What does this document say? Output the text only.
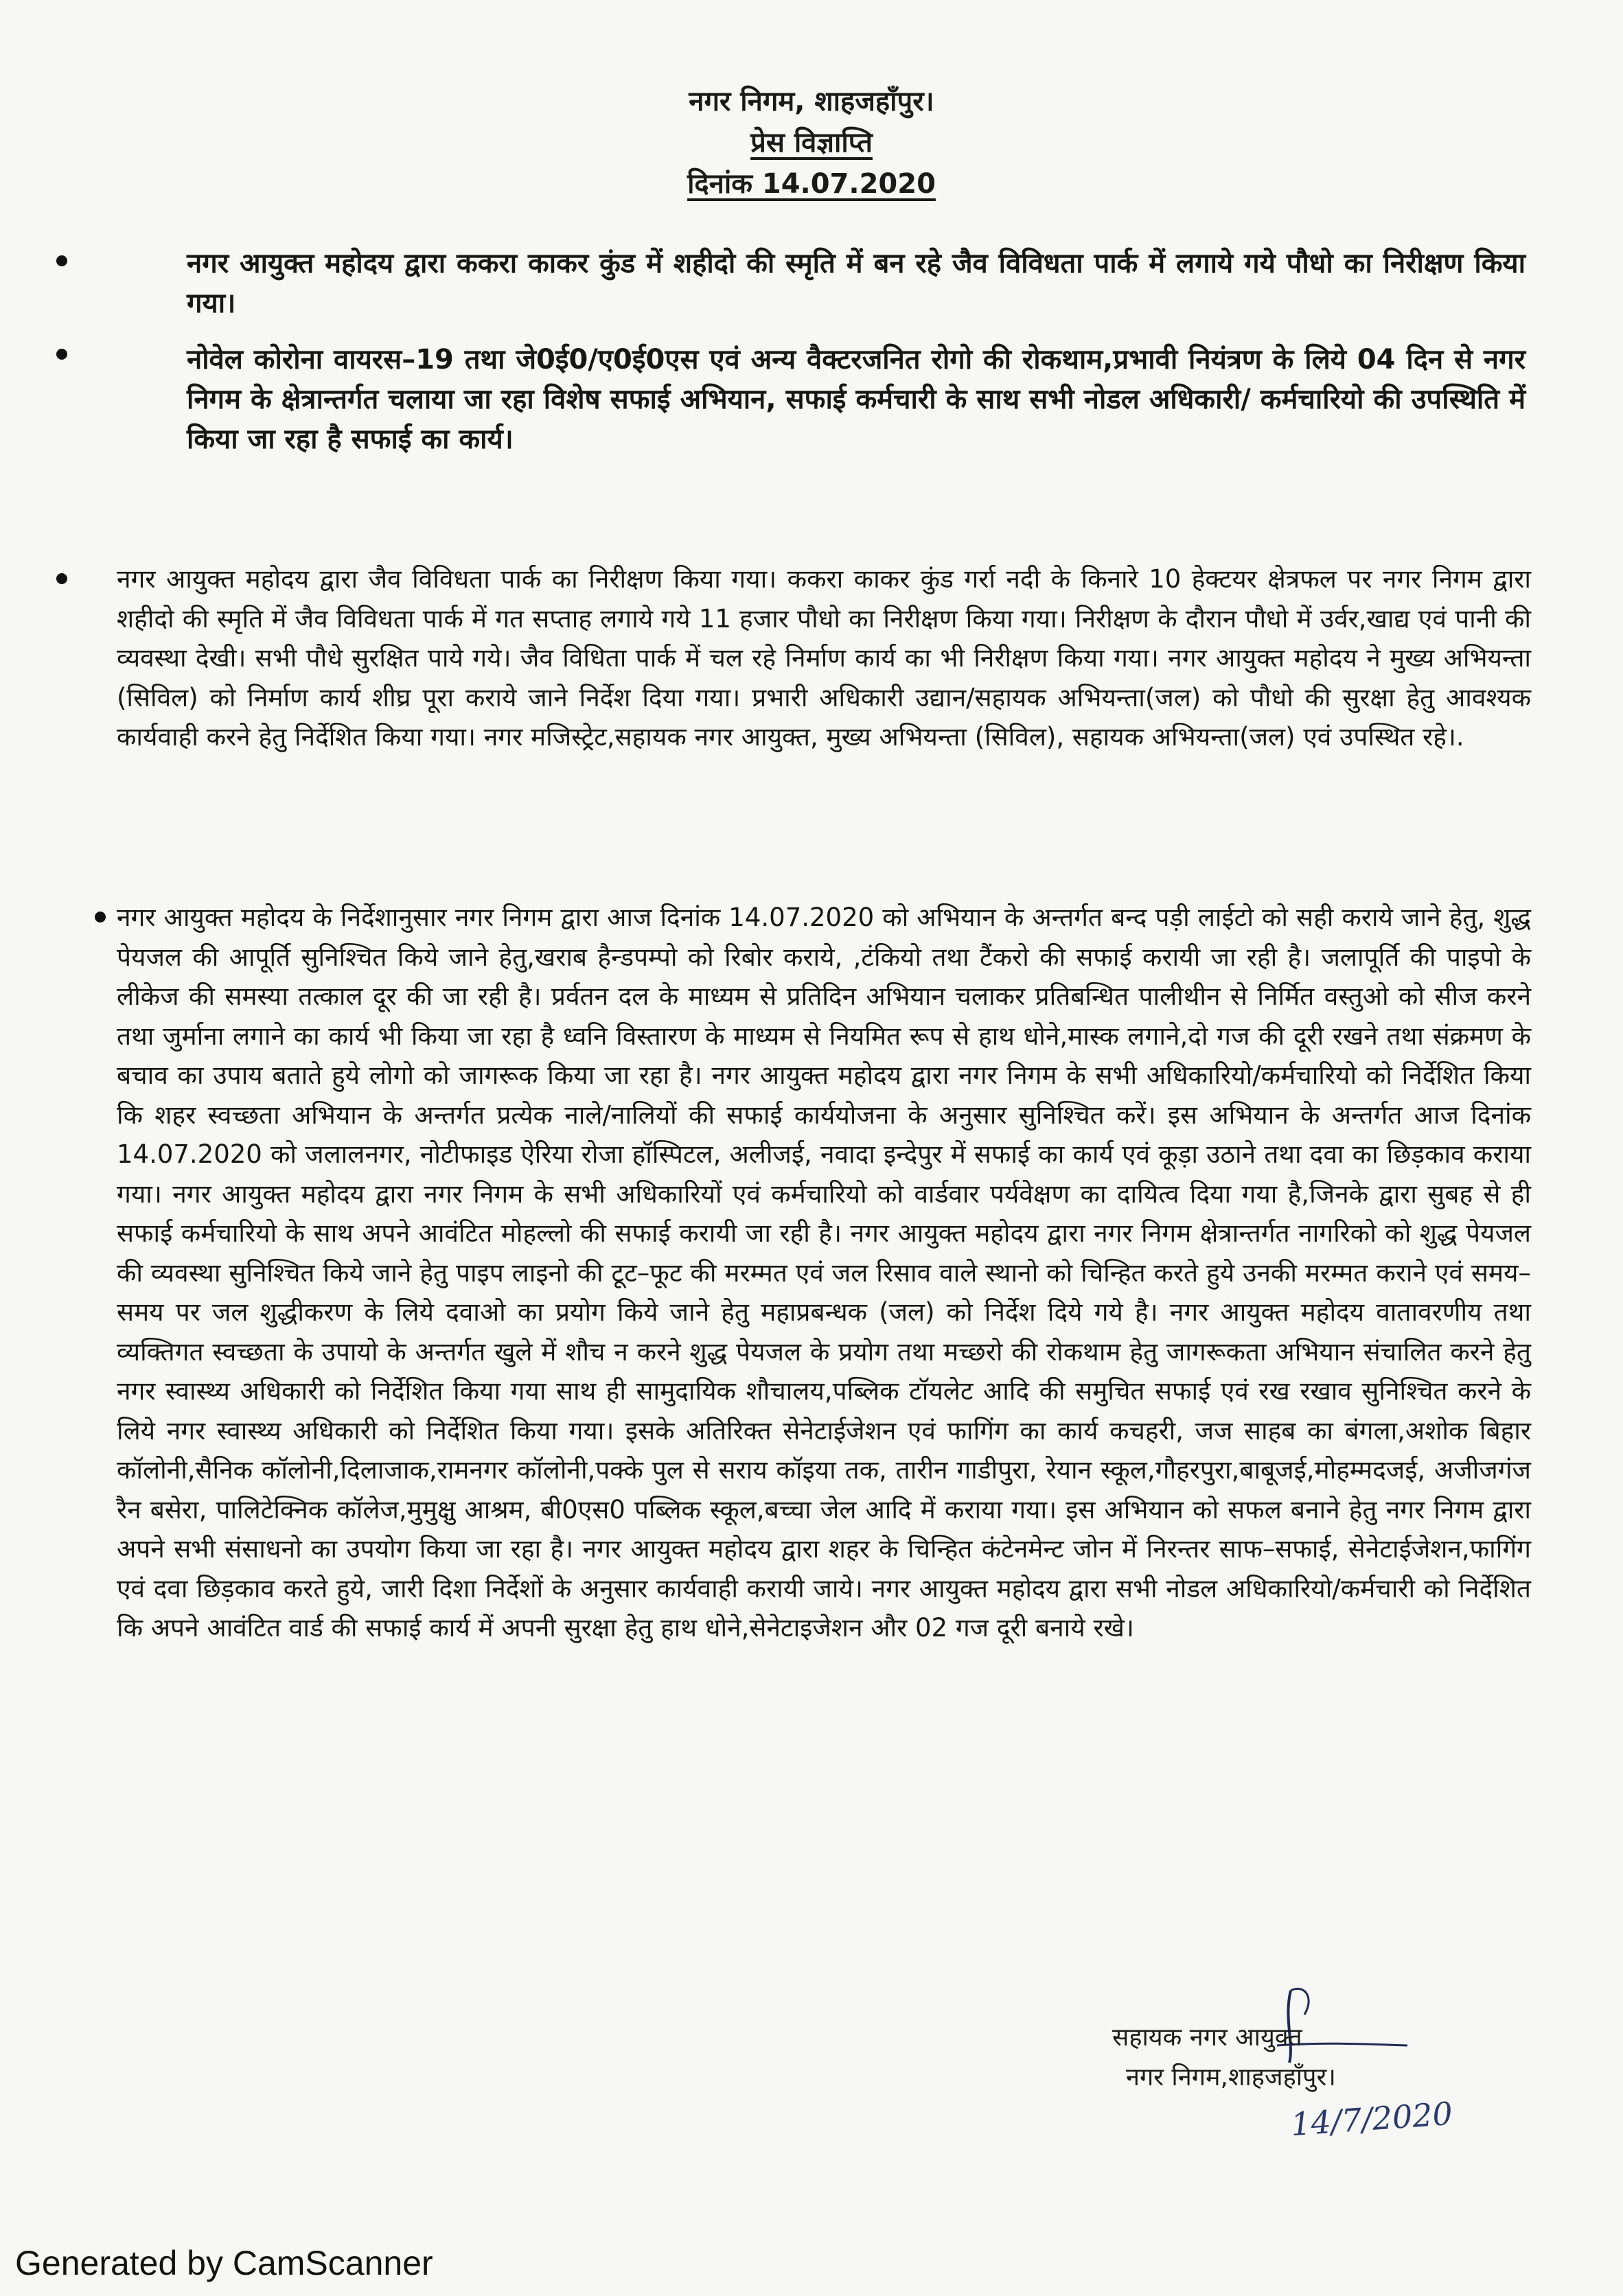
नगर निगम, शाहजहाँपुर।
प्रेस विज्ञाप्ति
दिनांक 14.07.2020
नगर आयुक्त महोदय द्वारा ककरा काकर कुंड में शहीदो की स्मृति में बन रहे जैव विविधता पार्क में लगाये गये पौधो का निरीक्षण किया गया।
नोवेल कोरोना वायरस–19 तथा जे0ई0/ए0ई0एस एवं अन्य वैक्टरजनित रोगो की रोकथाम,प्रभावी नियंत्रण के लिये 04 दिन से नगर निगम के क्षेत्रान्तर्गत चलाया जा रहा विशेष सफाई अभियान, सफाई कर्मचारी के साथ सभी नोडल अधिकारी/ कर्मचारियो की उपस्थिति में किया जा रहा है सफाई का कार्य।
नगर आयुक्त महोदय द्वारा जैव विविधता पार्क का निरीक्षण किया गया। ककरा काकर कुंड गर्रा नदी के किनारे 10 हेक्टयर क्षेत्रफल पर नगर निगम द्वारा शहीदो की स्मृति में जैव विविधता पार्क में गत सप्ताह लगाये गये 11 हजार पौधो का निरीक्षण किया गया। निरीक्षण के दौरान पौधो में उर्वर,खाद्य एवं पानी की व्यवस्था देखी। सभी पौधे सुरक्षित पाये गये। जैव विधिता पार्क में चल रहे निर्माण कार्य का भी निरीक्षण किया गया। नगर आयुक्त महोदय ने मुख्य अभियन्ता (सिविल) को निर्माण कार्य शीघ्र पूरा कराये जाने निर्देश दिया गया। प्रभारी अधिकारी उद्यान/सहायक अभियन्ता(जल) को पौधो की सुरक्षा हेतु आवश्यक कार्यवाही करने हेतु निर्देशित किया गया। नगर मजिस्ट्रेट,सहायक नगर आयुक्त, मुख्य अभियन्ता (सिविल), सहायक अभियन्ता(जल) एवं उपस्थित रहे।.
नगर आयुक्त महोदय के निर्देशानुसार नगर निगम द्वारा आज दिनांक 14.07.2020 को अभियान के अन्तर्गत बन्द पड़ी लाईटो को सही कराये जाने हेतु, शुद्ध पेयजल की आपूर्ति सुनिश्चित किये जाने हेतु,खराब हैन्डपम्पो को रिबोर कराये, ,टंकियो तथा टैंकरो की सफाई करायी जा रही है। जलापूर्ति की पाइपो के लीकेज की समस्या तत्काल दूर की जा रही है। प्रर्वतन दल के माध्यम से प्रतिदिन अभियान चलाकर प्रतिबन्धित पालीथीन से निर्मित वस्तुओ को सीज करने तथा जुर्माना लगाने का कार्य भी किया जा रहा है ध्वनि विस्तारण के माध्यम से नियमित रूप से हाथ धोने,मास्क लगाने,दो गज की दूरी रखने तथा संक्रमण के बचाव का उपाय बताते हुये लोगो को जागरूक किया जा रहा है। नगर आयुक्त महोदय द्वारा नगर निगम के सभी अधिकारियो/कर्मचारियो को निर्देशित किया कि शहर स्वच्छता अभियान के अन्तर्गत प्रत्येक नाले/नालियों की सफाई कार्ययोजना के अनुसार सुनिश्चित करें। इस अभियान के अन्तर्गत आज दिनांक 14.07.2020 को जलालनगर, नोटीफाइड ऐरिया रोजा हॉस्पिटल, अलीजई, नवादा इन्देपुर में सफाई का कार्य एवं कूड़ा उठाने तथा दवा का छिड़काव कराया गया। नगर आयुक्त महोदय द्वारा नगर निगम के सभी अधिकारियों एवं कर्मचारियो को वार्डवार पर्यवेक्षण का दायित्व दिया गया है,जिनके द्वारा सुबह से ही सफाई कर्मचारियो के साथ अपने आवंटित मोहल्लो की सफाई करायी जा रही है। नगर आयुक्त महोदय द्वारा नगर निगम क्षेत्रान्तर्गत नागरिको को शुद्ध पेयजल की व्यवस्था सुनिश्चित किये जाने हेतु पाइप लाइनो की टूट–फूट की मरम्मत एवं जल रिसाव वाले स्थानो को चिन्हित करते हुये उनकी मरम्मत कराने एवं समय–समय पर जल शुद्धीकरण के लिये दवाओ का प्रयोग किये जाने हेतु महाप्रबन्धक (जल) को निर्देश दिये गये है। नगर आयुक्त महोदय वातावरणीय तथा व्यक्तिगत स्वच्छता के उपायो के अन्तर्गत खुले में शौच न करने शुद्ध पेयजल के प्रयोग तथा मच्छरो की रोकथाम हेतु जागरूकता अभियान संचालित करने हेतु नगर स्वास्थ्य अधिकारी को निर्देशित किया गया साथ ही सामुदायिक शौचालय,पब्लिक टॉयलेट आदि की समुचित सफाई एवं रख रखाव सुनिश्चित करने के लिये नगर स्वास्थ्य अधिकारी को निर्देशित किया गया। इसके अतिरिक्त सेनेटाईजेशन एवं फागिंग का कार्य कचहरी, जज साहब का बंगला,अशोक बिहार कॉलोनी,सैनिक कॉलोनी,दिलाजाक,रामनगर कॉलोनी,पक्के पुल से सराय कॉइया तक, तारीन गाडीपुरा, रेयान स्कूल,गौहरपुरा,बाबूजई,मोहम्मदजई, अजीजगंज रैन बसेरा, पालिटेक्निक कॉलेज,मुमुक्षु आश्रम, बी0एस0 पब्लिक स्कूल,बच्चा जेल आदि में कराया गया। इस अभियान को सफल बनाने हेतु नगर निगम द्वारा अपने सभी संसाधनो का उपयोग किया जा रहा है। नगर आयुक्त महोदय द्वारा शहर के चिन्हित कंटेनमेन्ट जोन में निरन्तर साफ–सफाई, सेनेटाईजेशन,फागिंग एवं दवा छिड़काव करते हुये, जारी दिशा निर्देशों के अनुसार कार्यवाही करायी जाये। नगर आयुक्त महोदय द्वारा सभी नोडल अधिकारियो/कर्मचारी को निर्देशित कि अपने आवंटित वार्ड की सफाई कार्य में अपनी सुरक्षा हेतु हाथ धोने,सेनेटाइजेशन और 02 गज दूरी बनाये रखे।
सहायक नगर आयुक्त
नगर निगम,शाहजहाँपुर।
14/7/2020
Generated by CamScanner
